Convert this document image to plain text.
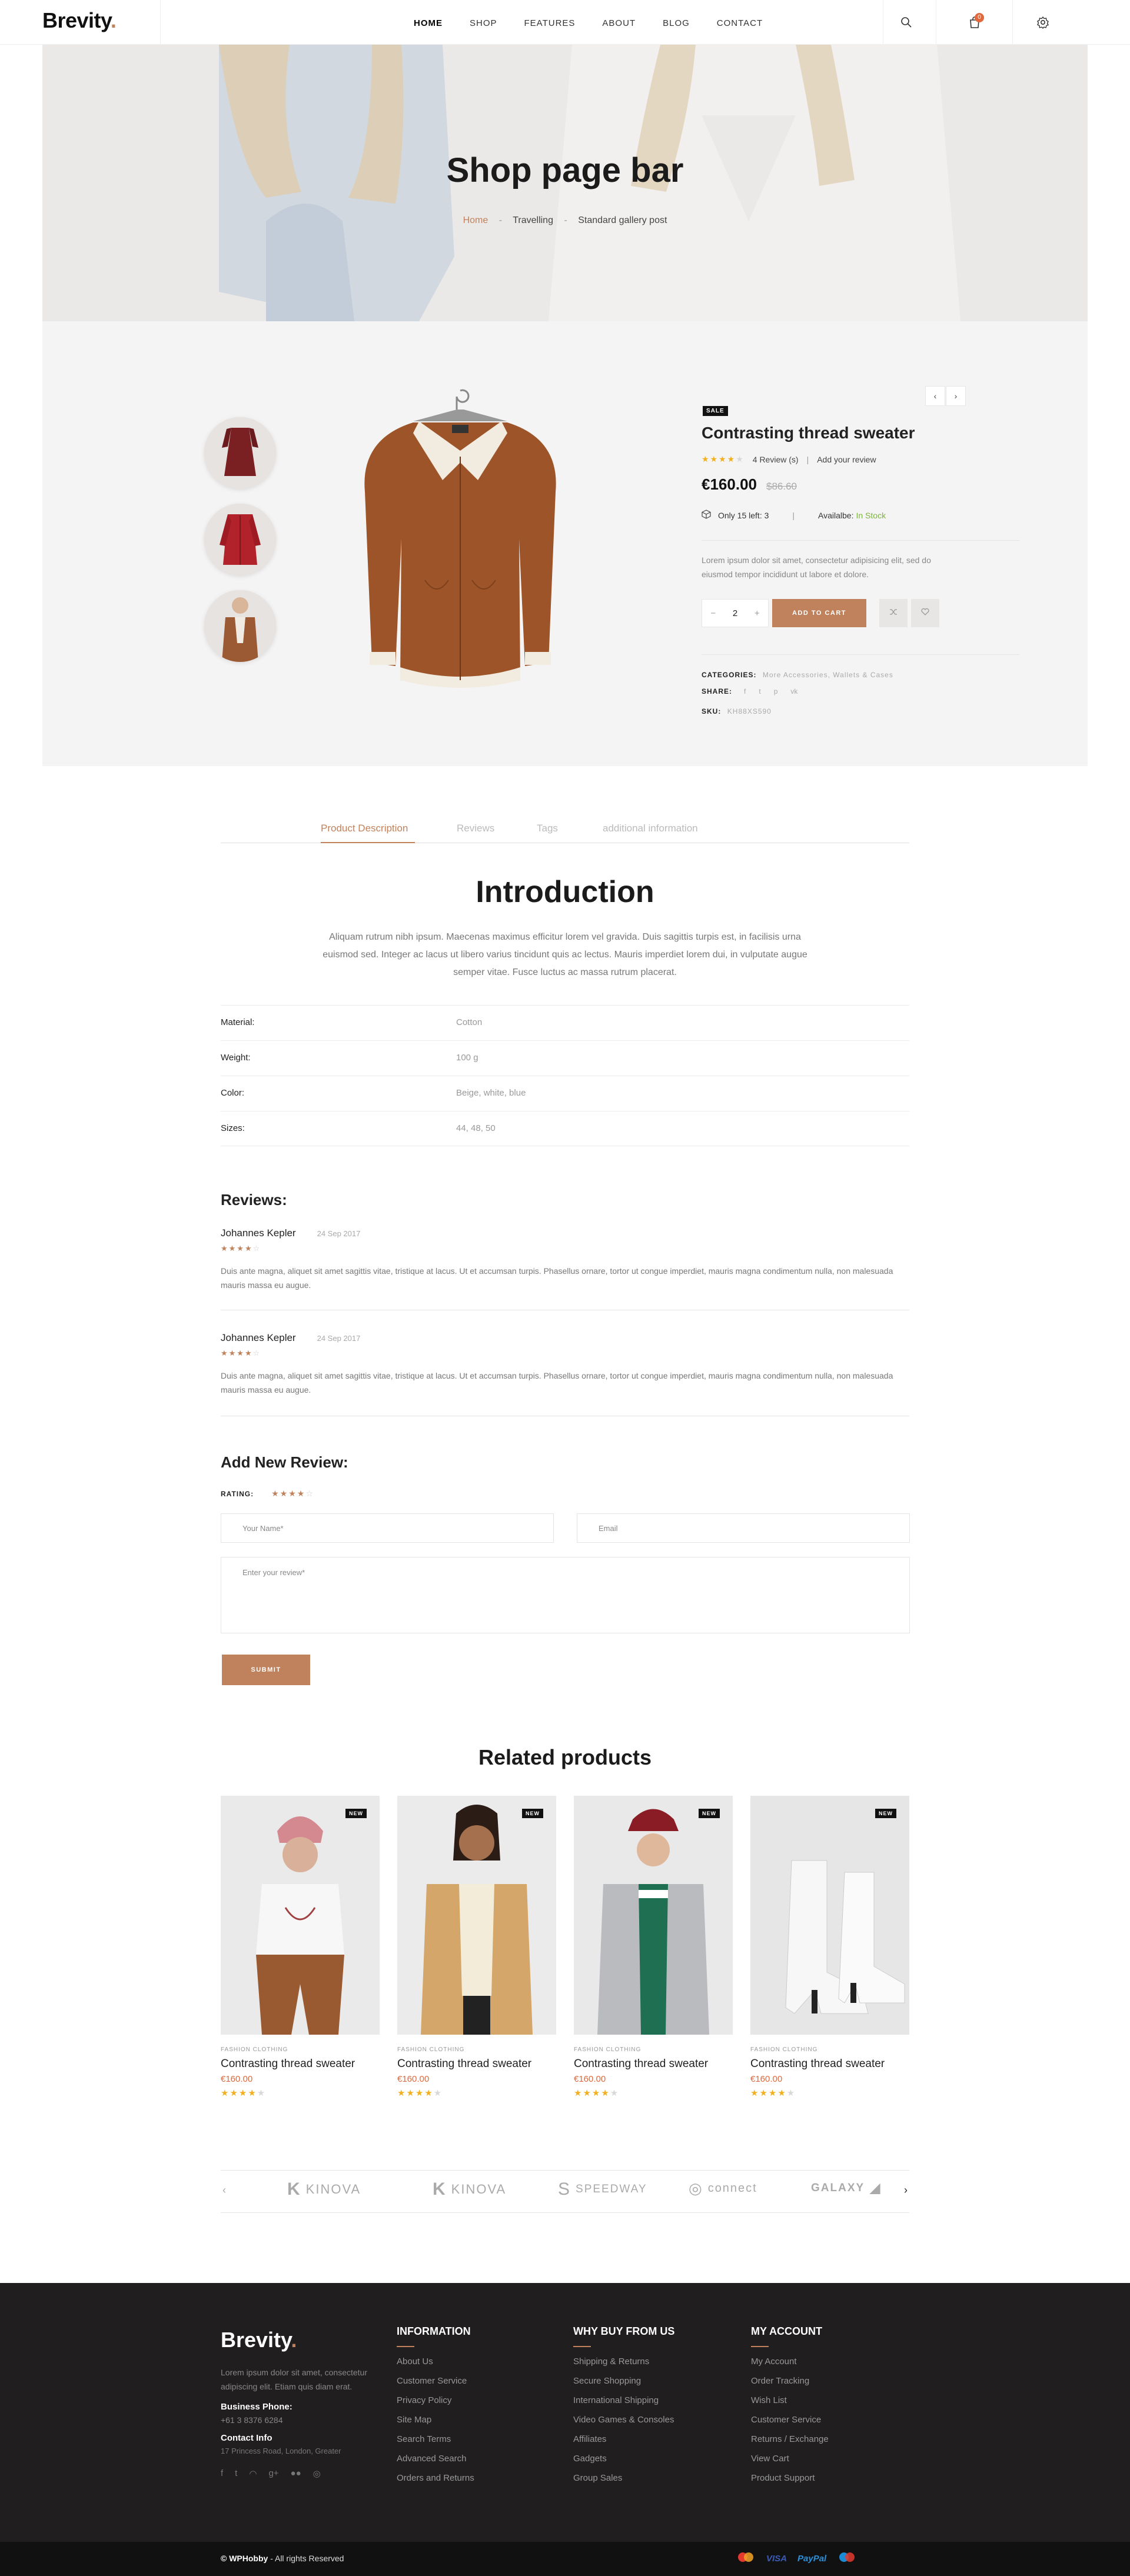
Brevity.	HOME	SHOP	FEATURES	ABOUT	BLOG	CONTACT
0
Shop page bar
Home - Travelling - Standard gallery post
‹	›
SALE
Contrasting thread sweater
★★★★★ 4 Review (s) | Add your review
€160.00 $86.60
Only 15 left: 3	|	Availalbe: In Stock

Lorem ipsum dolor sit amet, consectetur adipisicing elit, sed do eiusmod tempor incididunt ut labore et dolore.

− 2 +	ADD TO CART
CATEGORIES: More Accessories, Wallets & Cases
SHARE: f t p vk
SKU: KH88XS590
Product Description	Reviews	Tags	additional information
Introduction

Aliquam rutrum nibh ipsum. Maecenas maximus efficitur lorem vel gravida. Duis sagittis turpis est, in facilisis urna euismod sed. Integer ac lacus ut libero varius tincidunt quis ac lectus. Mauris imperdiet lorem dui, in vulputate augue semper vitae. Fusce luctus ac massa rutrum placerat.

Material:	Cotton
Weight:	100 g
Color:	Beige, white, blue
Sizes:	44, 48, 50
Reviews:
Johannes Kepler	24 Sep 2017
★★★★☆

Duis ante magna, aliquet sit amet sagittis vitae, tristique at lacus. Ut et accumsan turpis. Phasellus ornare, tortor ut congue imperdiet, mauris magna condimentum nulla, non malesuada mauris massa eu augue.

Johannes Kepler	24 Sep 2017
★★★★☆

Duis ante magna, aliquet sit amet sagittis vitae, tristique at lacus. Ut et accumsan turpis. Phasellus ornare, tortor ut congue imperdiet, mauris magna condimentum nulla, non malesuada mauris massa eu augue.

Add New Review:
RATING: ★★★★☆
Your Name*	Email
Enter your review*
SUBMIT
Related products
NEW
FASHION CLOTHING
Contrasting thread sweater
€160.00
★★★★★
NEW
FASHION CLOTHING
Contrasting thread sweater
€160.00
★★★★★
NEW
FASHION CLOTHING
Contrasting thread sweater
€160.00
★★★★★
NEW
FASHION CLOTHING
Contrasting thread sweater
€160.00
★★★★★
‹	K KINOVA	K KINOVA	S SPEEDWAY	◎ connect	GALAXY ◢ ›
Brevity.

Lorem ipsum dolor sit amet, consectetur adipiscing elit. Etiam quis diam erat.

Business Phone:
+61 3 8376 6284
Contact Info
17 Princess Road, London, Greater
f t ◠ g+ ●● ◎
INFORMATION
About Us
Customer Service
Privacy Policy
Site Map
Search Terms
Advanced Search
Orders and Returns
WHY BUY FROM US
Shipping & Returns
Secure Shopping
International Shipping
Video Games & Consoles
Affiliates
Gadgets
Group Sales
MY ACCOUNT
My Account
Order Tracking
Wish List
Customer Service
Returns / Exchange
View Cart
Product Support
© WPHobby - All rights Reserved	VISA PayPal
